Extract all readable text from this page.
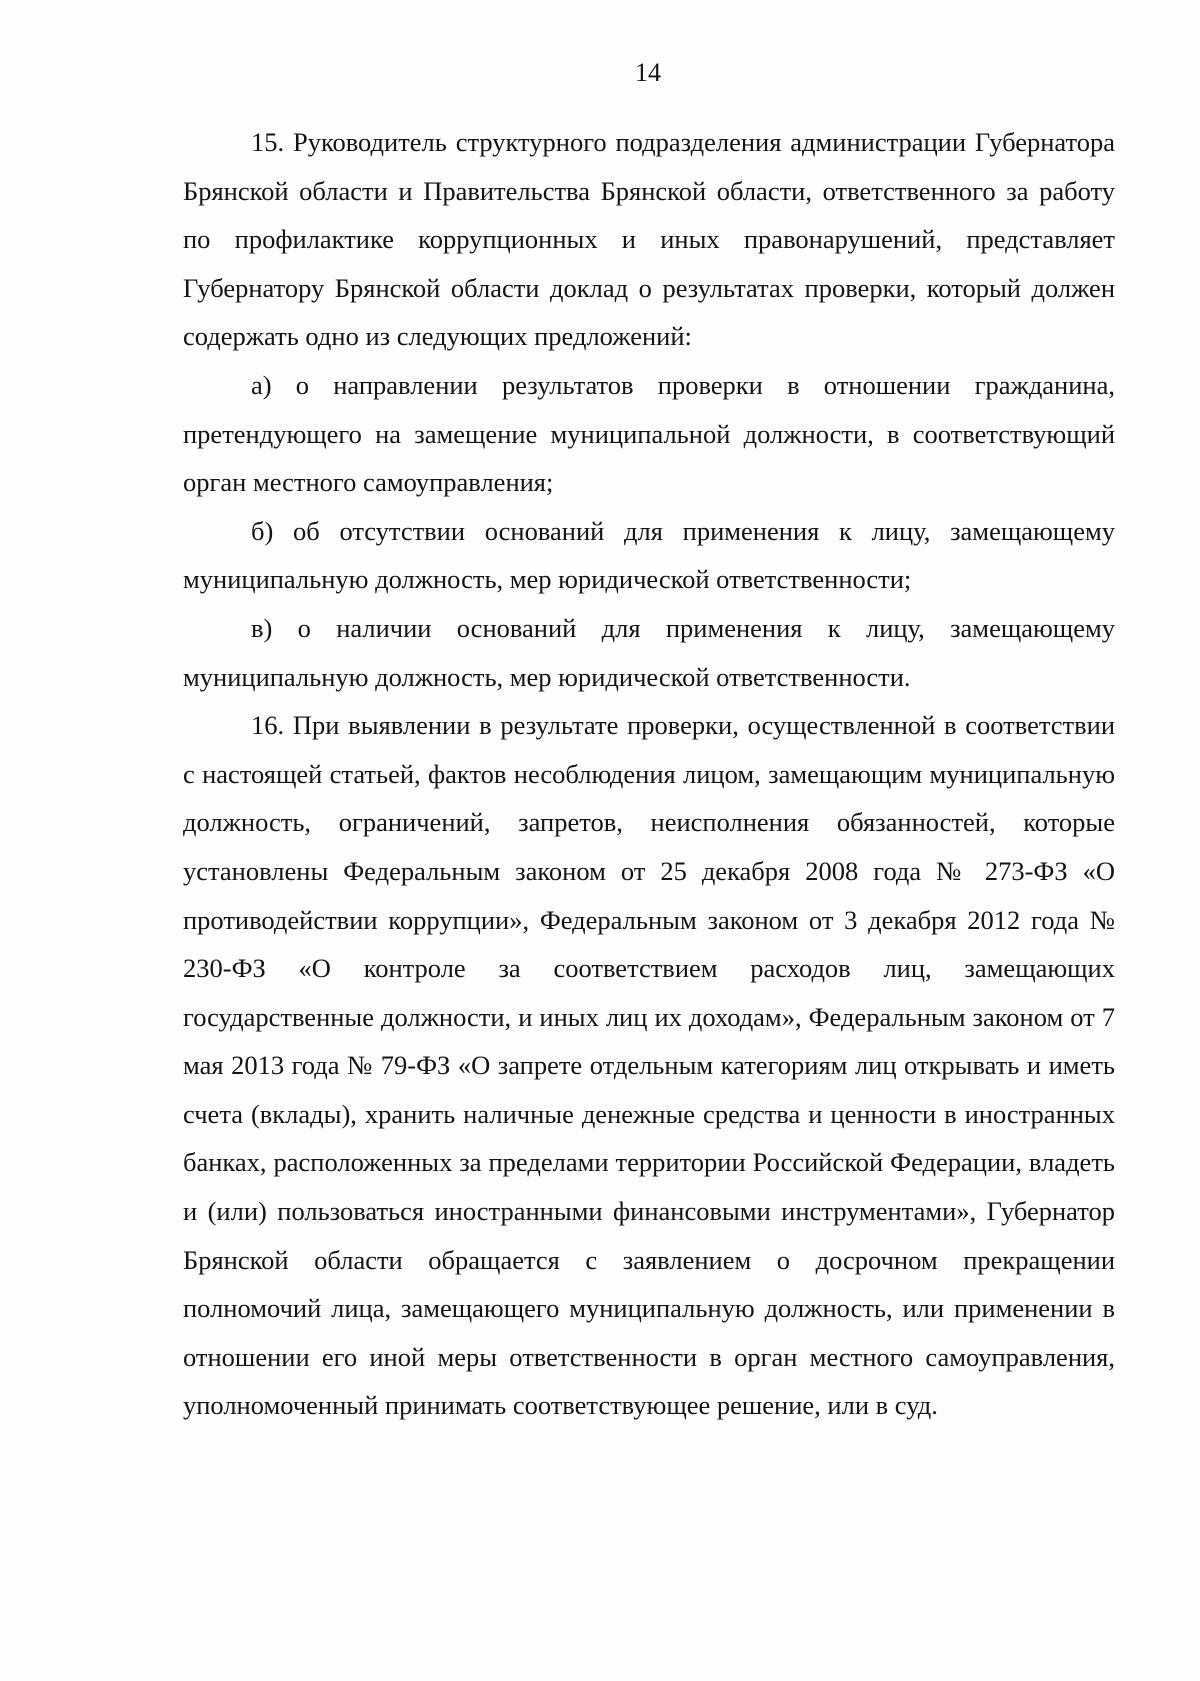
14

15. Руководитель структурного подразделения администрации Губернатора Брянской области и Правительства Брянской области, ответственного за работу по профилактике коррупционных и иных правонарушений, представляет Губернатору Брянской области доклад о результатах проверки, который должен содержать одно из следующих предложений:

а) о направлении результатов проверки в отношении гражданина, претендующего на замещение муниципальной должности, в соответствующий орган местного самоуправления;

б) об отсутствии оснований для применения к лицу, замещающему муниципальную должность, мер юридической ответственности;

в) о наличии оснований для применения к лицу, замещающему муниципальную должность, мер юридической ответственности.

16. При выявлении в результате проверки, осуществленной в соответствии с настоящей статьей, фактов несоблюдения лицом, замещающим муниципальную должность, ограничений, запретов, неисполнения обязанностей, которые установлены Федеральным законом от 25 декабря 2008 года № 273-ФЗ «О противодействии коррупции», Федеральным законом от 3 декабря 2012 года № 230-ФЗ «О контроле за соответствием расходов лиц, замещающих государственные должности, и иных лиц их доходам», Федеральным законом от 7 мая 2013 года № 79-ФЗ «О запрете отдельным категориям лиц открывать и иметь счета (вклады), хранить наличные денежные средства и ценности в иностранных банках, расположенных за пределами территории Российской Федерации, владеть и (или) пользоваться иностранными финансовыми инструментами», Губернатор Брянской области обращается с заявлением о досрочном прекращении полномочий лица, замещающего муниципальную должность, или применении в отношении его иной меры ответственности в орган местного самоуправления, уполномоченный принимать соответствующее решение, или в суд.
